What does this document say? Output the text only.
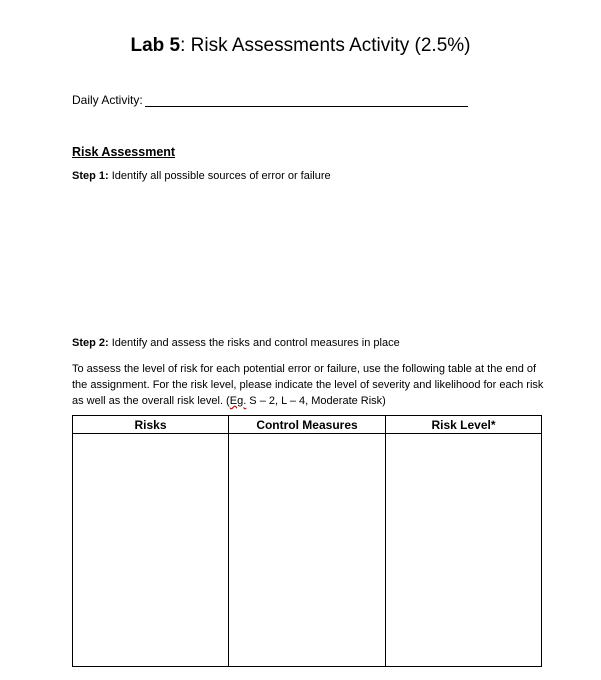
Lab 5: Risk Assessments Activity (2.5%)
Daily Activity:
Risk Assessment
Step 1: Identify all possible sources of error or failure
Step 2: Identify and assess the risks and control measures in place
To assess the level of risk for each potential error or failure, use the following table at the end of the assignment. For the risk level, please indicate the level of severity and likelihood for each risk as well as the overall risk level. (Eg. S – 2, L – 4, Moderate Risk)
Risks	Control Measures	Risk Level*
